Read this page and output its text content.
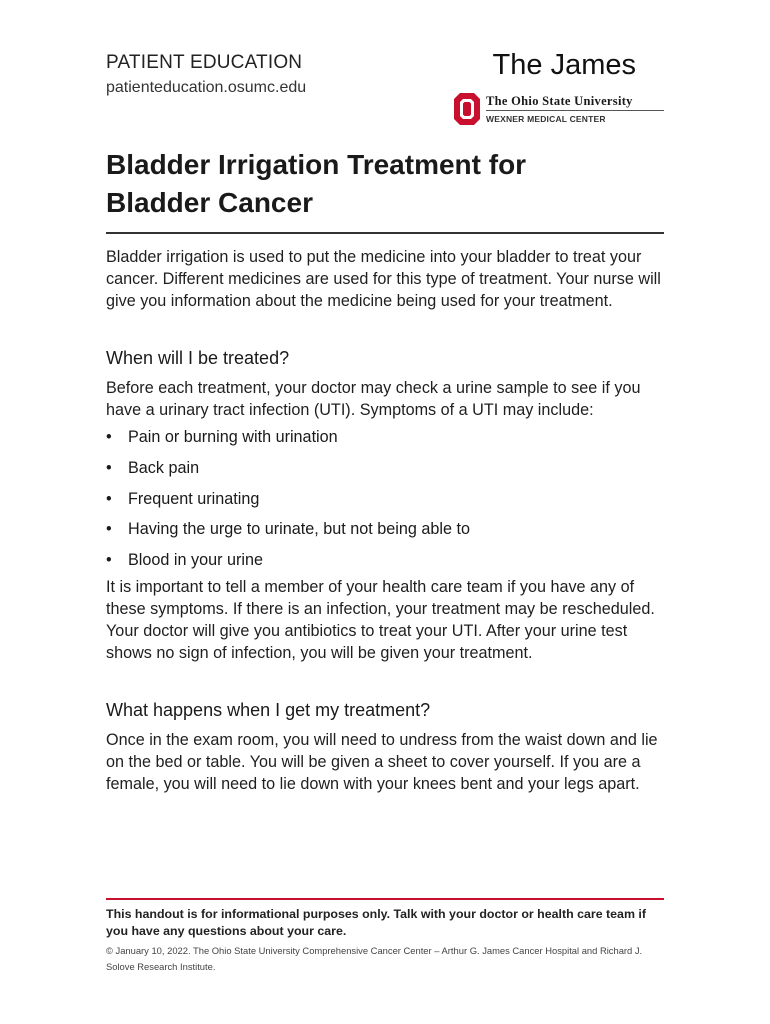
PATIENT EDUCATION
patienteducation.osumc.edu
The James
The Ohio State University
WEXNER MEDICAL CENTER
Bladder Irrigation Treatment for
Bladder Cancer

Bladder irrigation is used to put the medicine into your bladder to treat your cancer. Different medicines are used for this type of treatment. Your nurse will give you information about the medicine being used for your treatment.

When will I be treated?

Before each treatment, your doctor may check a urine sample to see if you have a urinary tract infection (UTI). Symptoms of a UTI may include:

• Pain or burning with urination
• Back pain
• Frequent urinating
• Having the urge to urinate, but not being able to
• Blood in your urine

It is important to tell a member of your health care team if you have any of these symptoms. If there is an infection, your treatment may be rescheduled. Your doctor will give you antibiotics to treat your UTI. After your urine test shows no sign of infection, you will be given your treatment.

What happens when I get my treatment?

Once in the exam room, you will need to undress from the waist down and lie on the bed or table. You will be given a sheet to cover yourself. If you are a female, you will need to lie down with your knees bent and your legs apart.

This handout is for informational purposes only. Talk with your doctor or health care team if you have any questions about your care.

© January 10, 2022. The Ohio State University Comprehensive Cancer Center – Arthur G. James Cancer Hospital and Richard J. Solove Research Institute.
